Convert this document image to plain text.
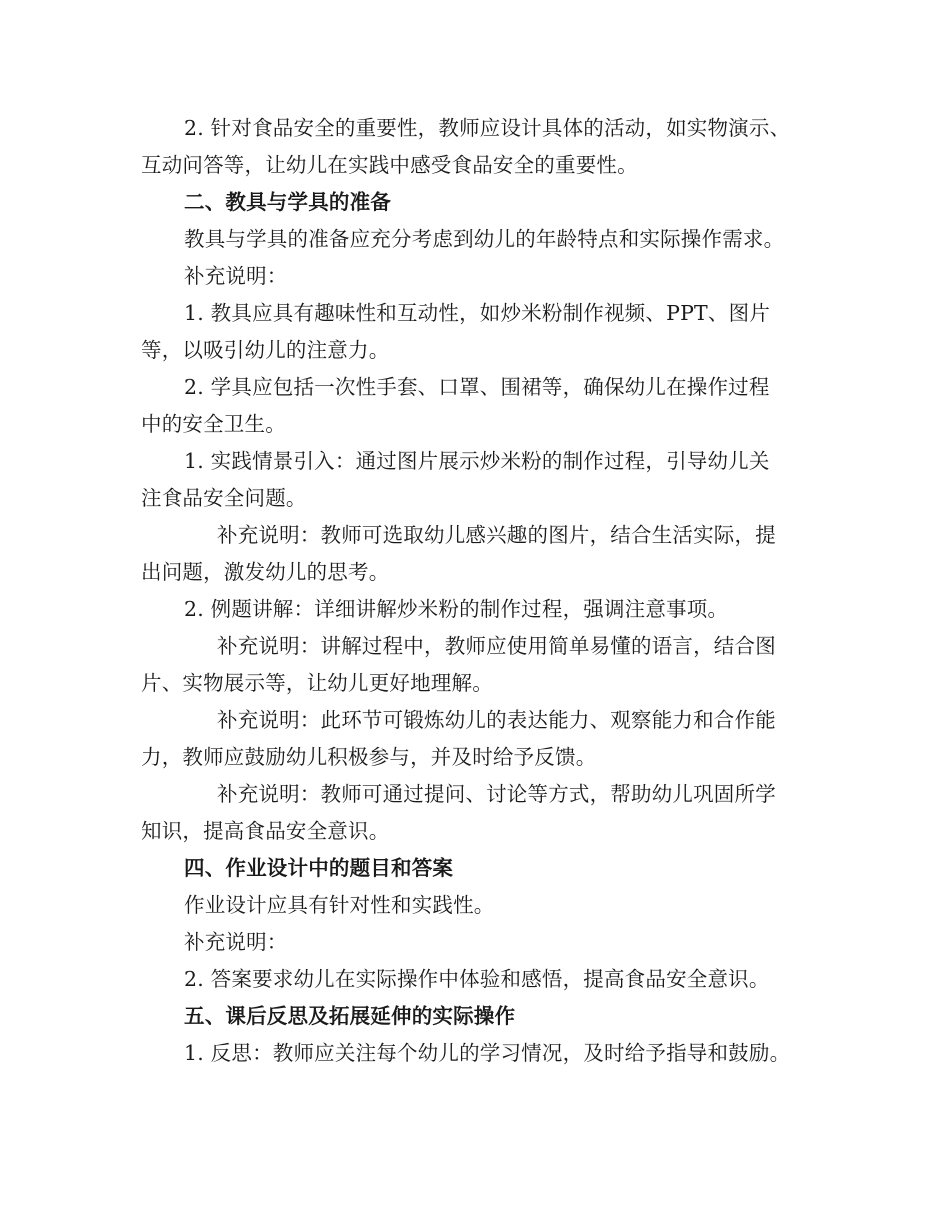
2. 针对食品安全的重要性，教师应设计具体的活动，如实物演示、
互动问答等，让幼儿在实践中感受食品安全的重要性。
二、教具与学具的准备
教具与学具的准备应充分考虑到幼儿的年龄特点和实际操作需求。
补充说明：
1. 教具应具有趣味性和互动性，如炒米粉制作视频、PPT、图片
等，以吸引幼儿的注意力。
2. 学具应包括一次性手套、口罩、围裙等，确保幼儿在操作过程
中的安全卫生。
1. 实践情景引入：通过图片展示炒米粉的制作过程，引导幼儿关
注食品安全问题。
补充说明：教师可选取幼儿感兴趣的图片，结合生活实际，提
出问题，激发幼儿的思考。
2. 例题讲解：详细讲解炒米粉的制作过程，强调注意事项。
补充说明：讲解过程中，教师应使用简单易懂的语言，结合图
片、实物展示等，让幼儿更好地理解。
补充说明：此环节可锻炼幼儿的表达能力、观察能力和合作能
力，教师应鼓励幼儿积极参与，并及时给予反馈。
补充说明：教师可通过提问、讨论等方式，帮助幼儿巩固所学
知识，提高食品安全意识。
四、作业设计中的题目和答案
作业设计应具有针对性和实践性。
补充说明：
2. 答案要求幼儿在实际操作中体验和感悟，提高食品安全意识。
五、课后反思及拓展延伸的实际操作
1. 反思：教师应关注每个幼儿的学习情况，及时给予指导和鼓励。
